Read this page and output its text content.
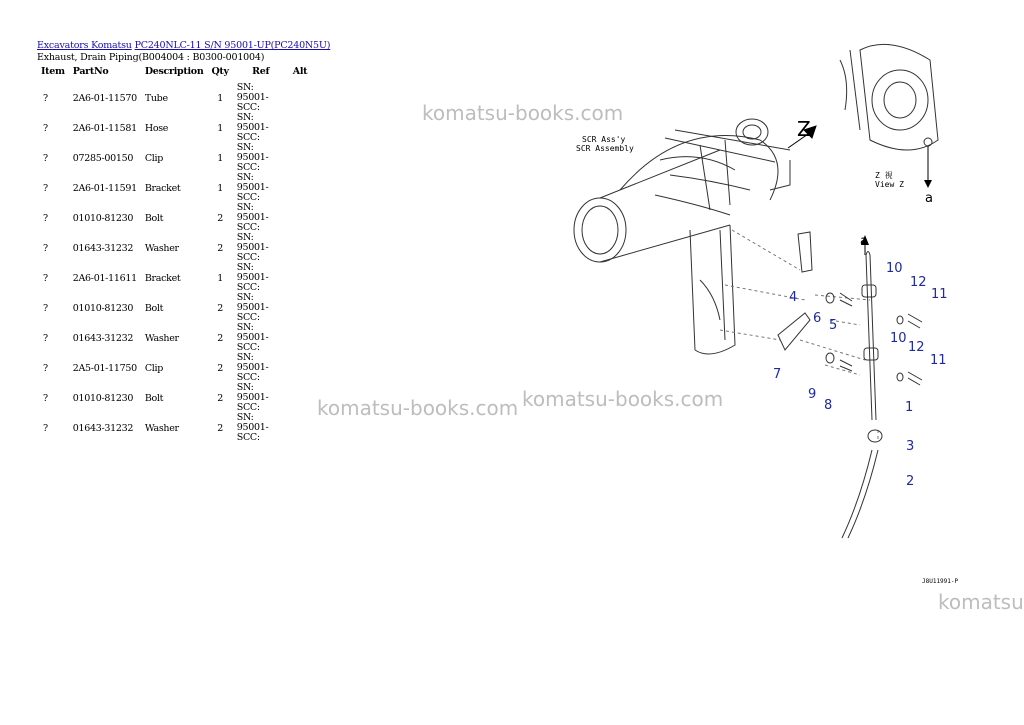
Excavators Komatsu PC240NLC-11 S/N 95001-UP(PC240N5U)
Exhaust, Drain Piping(B004004 : B0300-001004)
Item	PartNo	Description	Qty	Ref	Alt
?	2A6-01-11570	Tube	1	SN: 95001-SCC:	
?	2A6-01-11581	Hose	1	SN: 95001-SCC:	
?	07285-00150	Clip	1	SN: 95001-SCC:	
?	2A6-01-11591	Bracket	1	SN: 95001-SCC:	
?	01010-81230	Bolt	2	SN: 95001-SCC:	
?	01643-31232	Washer	2	SN: 95001-SCC:	
?	2A6-01-11611	Bracket	1	SN: 95001-SCC:	
?	01010-81230	Bolt	2	SN: 95001-SCC:	
?	01643-31232	Washer	2	SN: 95001-SCC:	
?	2A5-01-11750	Clip	2	SN: 95001-SCC:	
?	01010-81230	Bolt	2	SN: 95001-SCC:	
?	01643-31232	Washer	2	SN: 95001-SCC:	
komatsu-books.com
komatsu-books.com komatsu-books.com
komatsu
SCR Ass'y
SCR Assembly
Z 視
View Z
J8U11991-P
Z
a
a
1
2
3
4
5
6
7
8
9
10
10
11
11
12
12
